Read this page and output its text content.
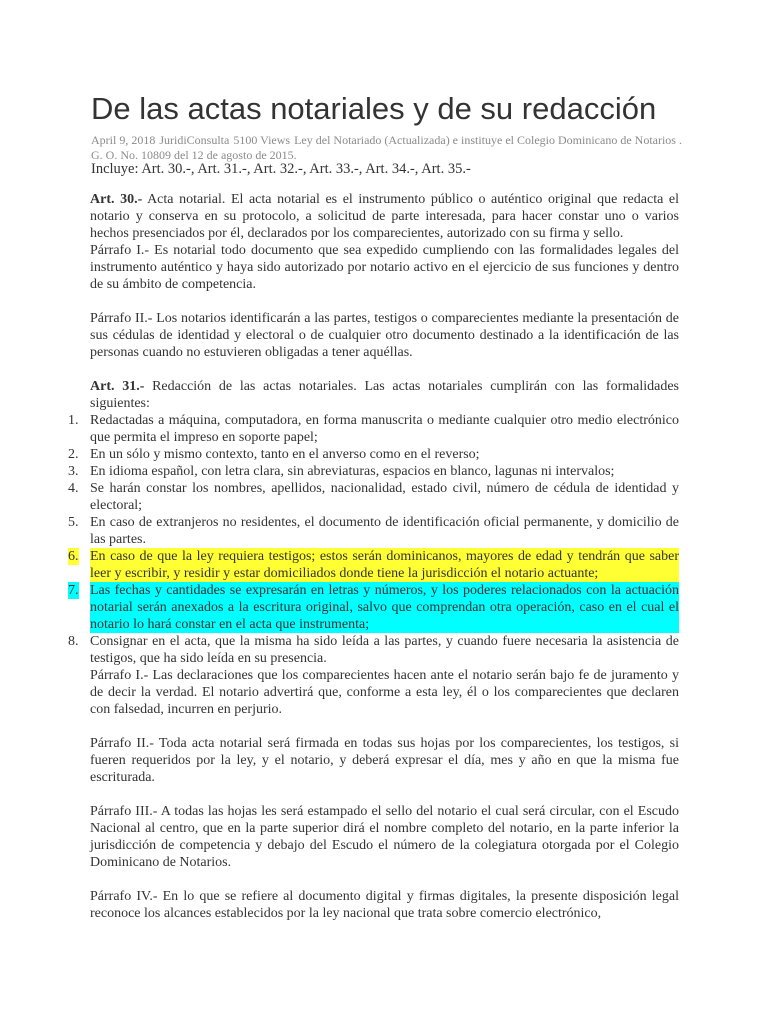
De las actas notariales y de su redacción
April 9, 2018 JuridiConsulta 5100 Views Ley del Notariado (Actualizada) e instituye el Colegio Dominicano de Notarios . G. O. No. 10809 del 12 de agosto de 2015.
Incluye: Art. 30.-, Art. 31.-, Art. 32.-, Art. 33.-, Art. 34.-, Art. 35.-

Art. 30.- Acta notarial. El acta notarial es el instrumento público o auténtico original que redacta el notario y conserva en su protocolo, a solicitud de parte interesada, para hacer constar uno o varios hechos presenciados por él, declarados por los comparecientes, autorizado con su firma y sello.

Párrafo I.- Es notarial todo documento que sea expedido cumpliendo con las formalidades legales del instrumento auténtico y haya sido autorizado por notario activo en el ejercicio de sus funciones y dentro de su ámbito de competencia.

Párrafo II.- Los notarios identificarán a las partes, testigos o comparecientes mediante la presentación de sus cédulas de identidad y electoral o de cualquier otro documento destinado a la identificación de las personas cuando no estuvieren obligadas a tener aquéllas.

Art. 31.- Redacción de las actas notariales. Las actas notariales cumplirán con las formalidades siguientes:

1. Redactadas a máquina, computadora, en forma manuscrita o mediante cualquier otro medio electrónico que permita el impreso en soporte papel;
2. En un sólo y mismo contexto, tanto en el anverso como en el reverso;
3. En idioma español, con letra clara, sin abreviaturas, espacios en blanco, lagunas ni intervalos;
4. Se harán constar los nombres, apellidos, nacionalidad, estado civil, número de cédula de identidad y electoral;
5. En caso de extranjeros no residentes, el documento de identificación oficial permanente, y domicilio de las partes.
6. En caso de que la ley requiera testigos; estos serán dominicanos, mayores de edad y tendrán que saber leer y escribir, y residir y estar domiciliados donde tiene la jurisdicción el notario actuante;
7. Las fechas y cantidades se expresarán en letras y números, y los poderes relacionados con la actuación notarial serán anexados a la escritura original, salvo que comprendan otra operación, caso en el cual el notario lo hará constar en el acta que instrumenta;
8. Consignar en el acta, que la misma ha sido leída a las partes, y cuando fuere necesaria la asistencia de testigos, que ha sido leída en su presencia.

Párrafo I.- Las declaraciones que los comparecientes hacen ante el notario serán bajo fe de juramento y de decir la verdad. El notario advertirá que, conforme a esta ley, él o los comparecientes que declaren con falsedad, incurren en perjurio.

Párrafo II.- Toda acta notarial será firmada en todas sus hojas por los comparecientes, los testigos, si fueren requeridos por la ley, y el notario, y deberá expresar el día, mes y año en que la misma fue escriturada.

Párrafo III.- A todas las hojas les será estampado el sello del notario el cual será circular, con el Escudo Nacional al centro, que en la parte superior dirá el nombre completo del notario, en la parte inferior la jurisdicción de competencia y debajo del Escudo el número de la colegiatura otorgada por el Colegio Dominicano de Notarios.

Párrafo IV.- En lo que se refiere al documento digital y firmas digitales, la presente disposición legal reconoce los alcances establecidos por la ley nacional que trata sobre comercio electrónico,
